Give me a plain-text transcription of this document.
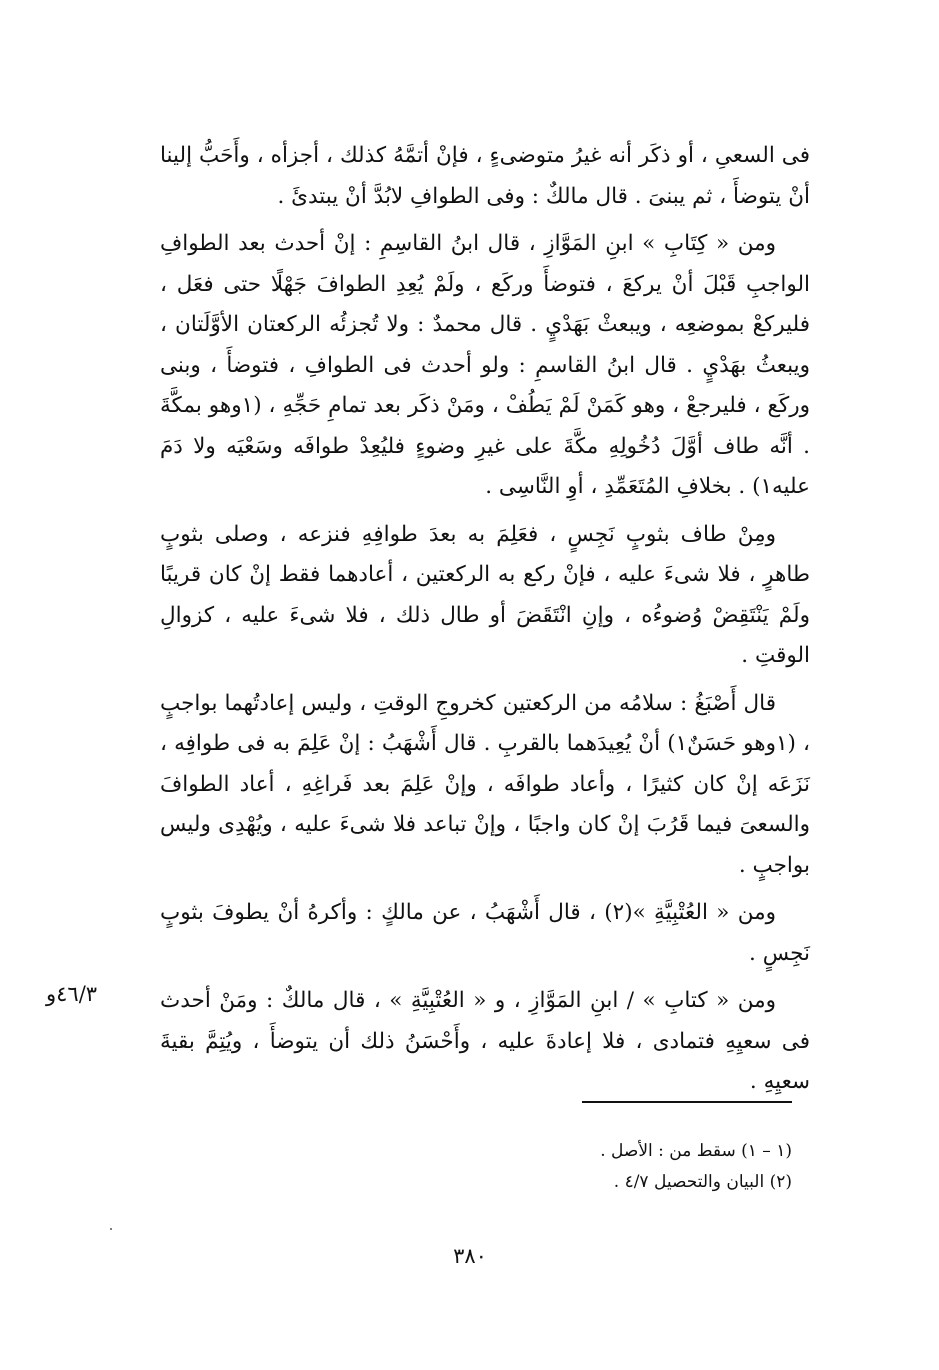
فى السعىِ ، أو ذكَر أنه غيرُ متوضىءٍ ، فإنْ أتمَّهُ كذلك ، أجزأه ، وأَحَبُّ إلينا أنْ يتوضأَ ، ثم يبنىَ . قال مالكٌ : وفى الطوافِ لابُدَّ أنْ يبتدئَ .

ومن « كِتَابِ » ابنِ المَوَّازِ ، قال ابنُ القاسِمِ : إنْ أحدث بعد الطوافِ الواجبِ قَبْلَ أنْ يركعَ ، فتوضأَ وركَع ، ولَمْ يُعِدِ الطوافَ جَهْلًا حتى فعَل ، فليركعْ بموضعِه ، ويبعثْ بَهَدْيٍ . قال محمدٌ : ولا تُجزئُه الركعتان الأوَّلَتان ، ويبعثُ بهَدْيٍ . قال ابنُ القاسمِ : ولو أحدث فى الطوافِ ، فتوضأَ ، وبنى وركَع ، فليرجعْ ، وهو كَمَنْ لَمْ يَطُفْ ، ومَنْ ذكَر بعد تمامِ حَجِّهِ ، (١وهو بمكَّةَ . أنَّه طاف أوَّلَ دُخُولِهِ مكَّةَ على غيرِ وضوءٍ فليُعِدْ طوافَه وسَعْيَه ولا دَمَ عليه١) . بخلافِ المُتَعَمِّدِ ، أوِ النَّاسِى .

ومِنْ طاف بثوبٍ نَجِسٍ ، فعَلِمَ به بعدَ طوافِهِ فنزعه ، وصلى بثوبٍ طاهرٍ ، فلا شىءَ عليه ، فإنْ ركع به الركعتين ، أعادهما فقط إنْ كان قريبًا ولَمْ يَنْتَقِضْ وُضوءُه ، وإنِ انْتَقَضَ أو طال ذلك ، فلا شىءَ عليه ، كزوالِ الوقتِ .

قال أَصْبَغُ : سلامُه من الركعتين كخروجِ الوقتِ ، وليس إعادتُهما بواجبٍ ، (١وهو حَسَنٌ١) أنْ يُعِيدَهما بالقربِ . قال أَشْهَبُ : إنْ عَلِمَ به فى طوافِه ، نَزَعَه إنْ كان كثيرًا ، وأعاد طوافَه ، وإنْ عَلِمَ بعد فَراغِهِ ، أعاد الطوافَ والسعىَ فيما قَرُبَ إنْ كان واجبًا ، وإنْ تباعد فلا شىءَ عليه ، ويُهْدِى وليس بواجبٍ .

ومن « العُتْبِيَّةِ »(٢) ، قال أَشْهَبُ ، عن مالكٍ : وأكرهُ أنْ يطوفَ بثوبٍ نَجِسٍ .

ومن « كتابِ » / ابنِ المَوَّازِ ، و « العُتْبِيَّةِ » ، قال مالكٌ : ومَنْ أحدث فى سعيِهِ فتمادى ، فلا إعادةَ عليه ، وأَحْسَنُ ذلك أن يتوضأَ ، ويُتِمَّ بقيةَ سعيِهِ .

٤٦/٣و

(١ – ١) سقط من : الأصل .

(٢) البيان والتحصيل ٤/٧ .

٣٨٠
